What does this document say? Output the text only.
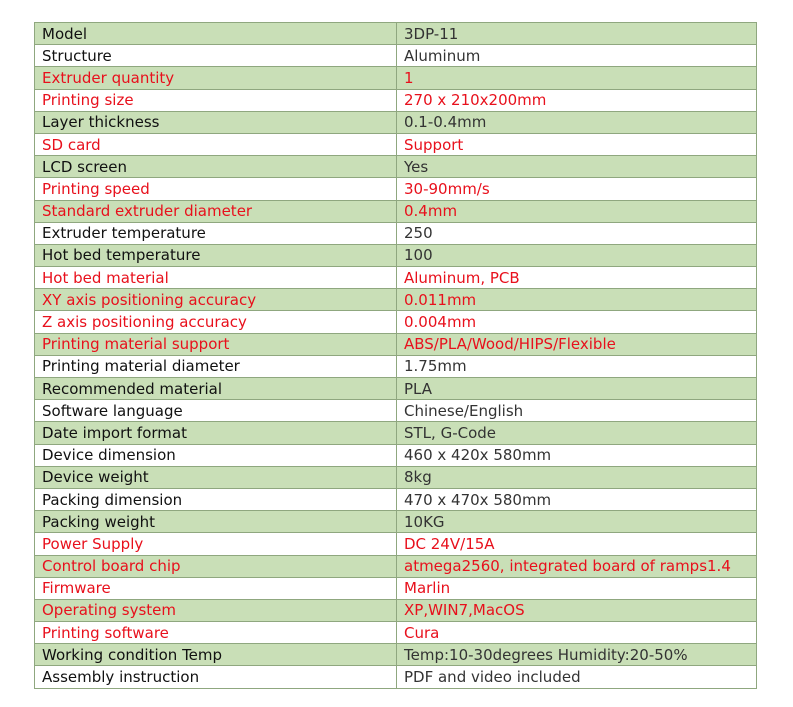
Model	3DP-11
Structure	Aluminum
Extruder quantity	1
Printing size	270 x 210x200mm
Layer thickness	0.1-0.4mm
SD card	Support
LCD screen	Yes
Printing speed	30-90mm/s
Standard extruder diameter	0.4mm
Extruder temperature	250
Hot bed temperature	100
Hot bed material	Aluminum, PCB
XY axis positioning accuracy	0.011mm
Z axis positioning accuracy	0.004mm
Printing material support	ABS/PLA/Wood/HIPS/Flexible
Printing material diameter	1.75mm
Recommended material	PLA
Software language	Chinese/English
Date import format	STL, G-Code
Device dimension	460 x 420x 580mm
Device weight	8kg
Packing dimension	470 x 470x 580mm
Packing weight	10KG
Power Supply	DC 24V/15A
Control board chip	atmega2560, integrated board of ramps1.4
Firmware	Marlin
Operating system	XP,WIN7,MacOS
Printing software	Cura
Working condition Temp	Temp:10-30degrees Humidity:20-50%
Assembly instruction	PDF and video included
